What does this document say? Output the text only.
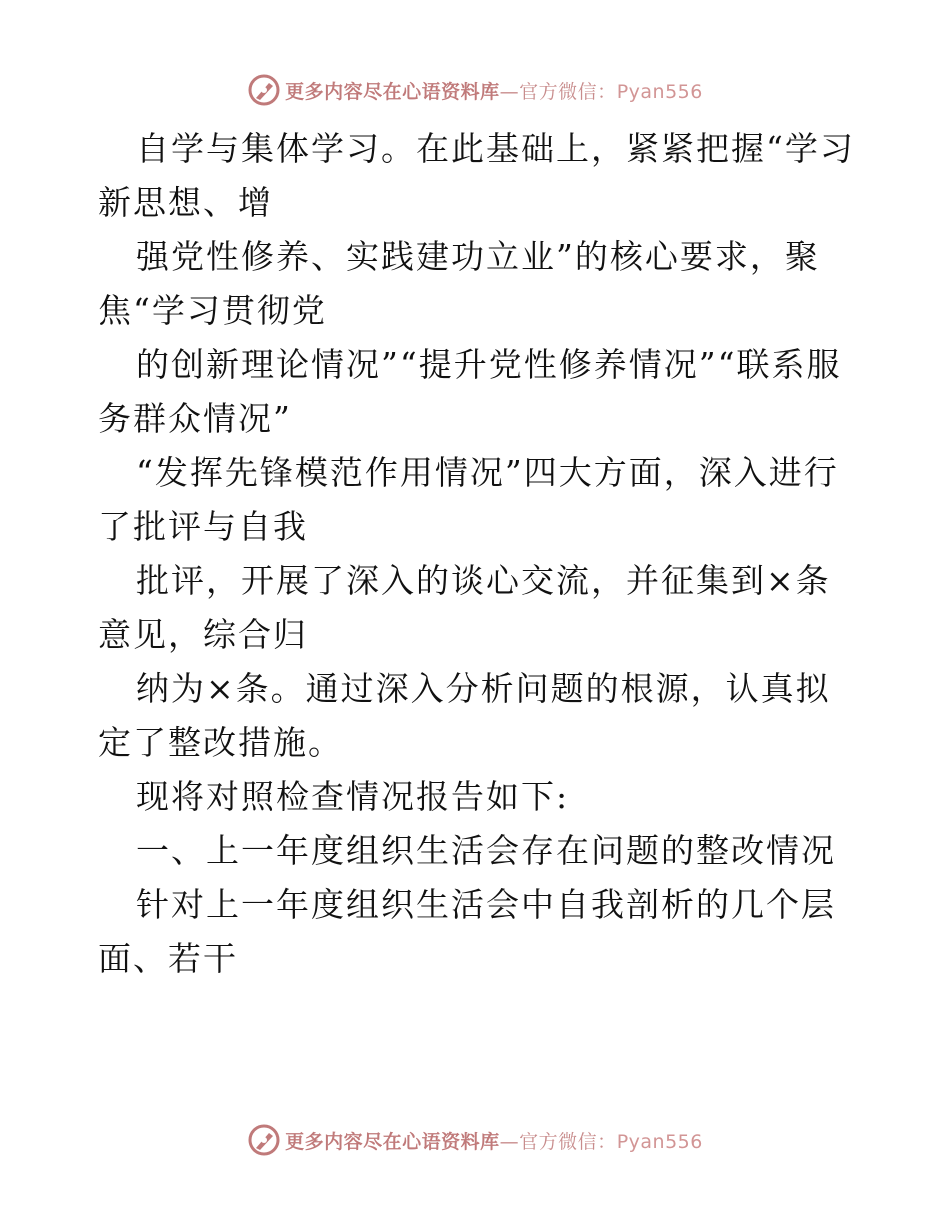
更多内容尽在心语资料库—官方微信：Pyan556

自学与集体学习。在此基础上，紧紧把握“学习新思想、增

强党性修养、实践建功立业”的核心要求，聚焦“学习贯彻党

的创新理论情况”“提升党性修养情况”“联系服务群众情况”

“发挥先锋模范作用情况”四大方面，深入进行了批评与自我

批评，开展了深入的谈心交流，并征集到×条意见，综合归

纳为×条。通过深入分析问题的根源，认真拟定了整改措施。

现将对照检查情况报告如下:

一、上一年度组织生活会存在问题的整改情况

针对上一年度组织生活会中自我剖析的几个层面、若干

更多内容尽在心语资料库—官方微信：Pyan556
